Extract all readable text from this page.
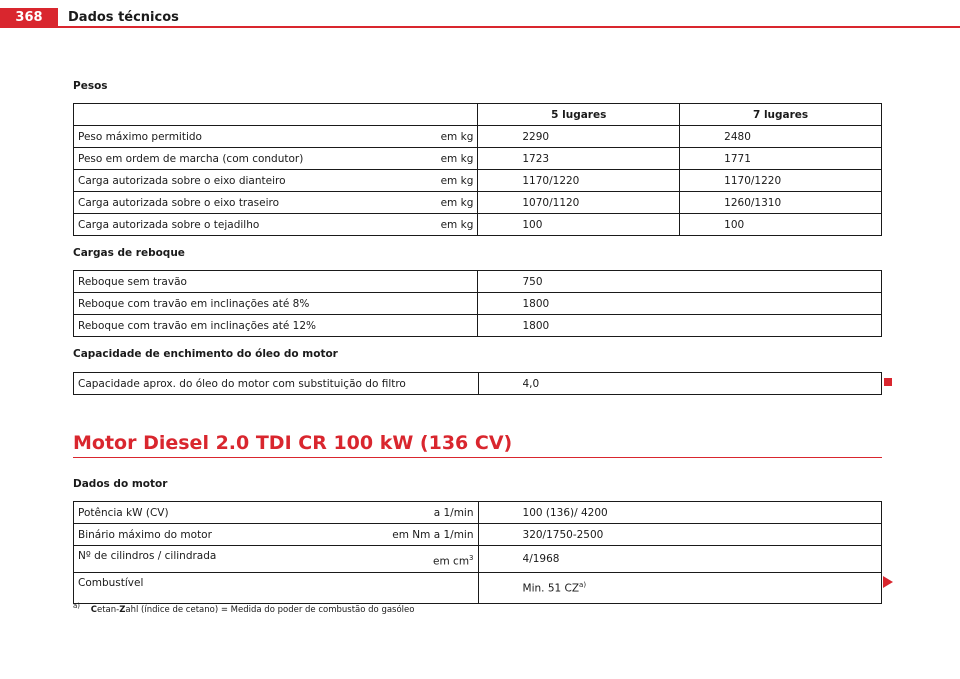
368	Dados técnicos
Pesos
	5 lugares	7 lugares

Peso máximo permitido em kg	2290	2480

Peso em ordem de marcha (com condutor) em kg	1723	1771

Carga autorizada sobre o eixo dianteiro em kg	1170/1220	1170/1220

Carga autorizada sobre o eixo traseiro em kg	1070/1120	1260/1310

Carga autorizada sobre o tejadilho em kg	100	100
Cargas de reboque
Reboque sem travão	750
Reboque com travão em inclinações até 8%	1800
Reboque com travão em inclinações até 12%	1800
Capacidade de enchimento do óleo do motor
Capacidade aprox. do óleo do motor com substituição do filtro	4,0
Motor Diesel 2.0 TDI CR 100 kW (136 CV)
Dados do motor
Potência kW (CV) a 1/min	100 (136)/ 4200

Binário máximo do motor em Nm a 1/min	320/1750-2500

Nº de cilindros / cilindrada em $cm^3$	4/1968
Combustível	Min. 51 CZ$^{a)}$
$^{a)}$ Cetan-Zahl (índice de cetano) = Medida do poder de combustão do gasóleo
